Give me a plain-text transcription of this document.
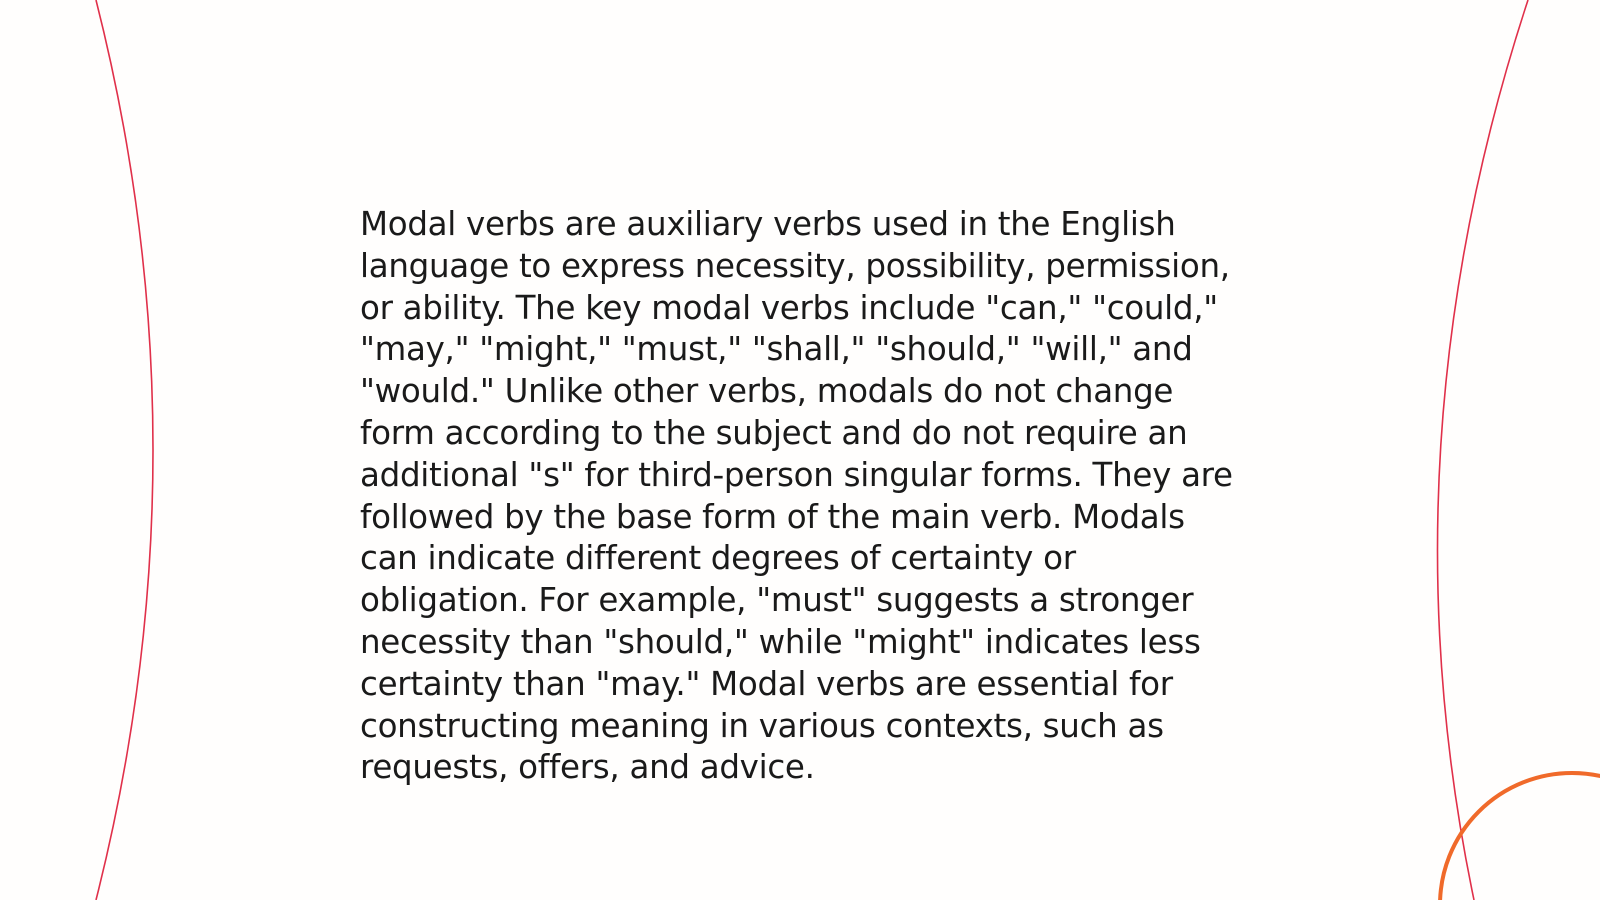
Modal verbs are auxiliary verbs used in the English language to express necessity, possibility, permission, or ability. The key modal verbs include "can," "could," "may," "might," "must," "shall," "should," "will," and "would." Unlike other verbs, modals do not change form according to the subject and do not require an additional "s" for third-person singular forms. They are followed by the base form of the main verb. Modals can indicate different degrees of certainty or obligation. For example, "must" suggests a stronger necessity than "should," while "might" indicates less certainty than "may." Modal verbs are essential for constructing meaning in various contexts, such as requests, offers, and advice.
